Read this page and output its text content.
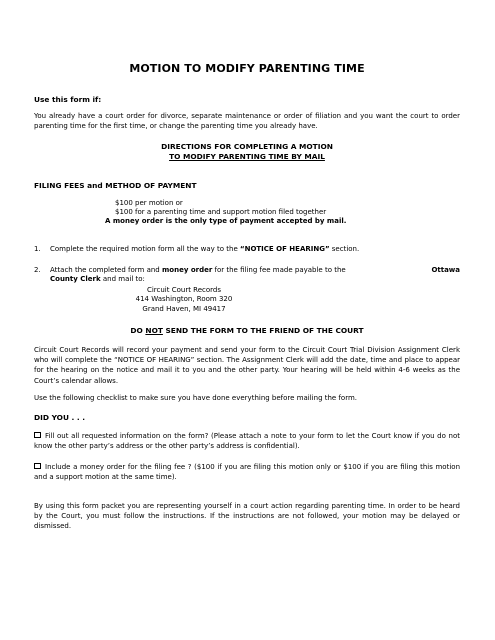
MOTION TO MODIFY PARENTING TIME
Use this form if:
You already have a court order for divorce, separate maintenance or order of filiation and you want the court to order parenting time for the first time, or change the parenting time you already have.
DIRECTIONS FOR COMPLETING A MOTION
TO MODIFY PARENTING TIME BY MAIL
FILING FEES and METHOD OF PAYMENT
$100 per motion or
$100 for a parenting time and support motion filed together
A money order is the only type of payment accepted by mail.
1.	Complete the required motion form all the way to the “NOTICE OF HEARING” section.
2.	Attach the completed form and money order for the filing fee made payable to the	Ottawa
County Clerk and mail to:
Circuit Court Records
414 Washington, Room 320
Grand Haven, MI 49417
DO NOT SEND THE FORM TO THE FRIEND OF THE COURT
Circuit Court Records will record your payment and send your form to the Circuit Court Trial Division Assignment Clerk who will complete the “NOTICE OF HEARING” section. The Assignment Clerk will add the date, time and place to appear for the hearing on the notice and mail it to you and the other party. Your hearing will be held within 4-6 weeks as the Court’s calendar allows.
Use the following checklist to make sure you have done everything before mailing the form.
DID YOU . . .
Fill out all requested information on the form? (Please attach a note to your form to let the Court know if you do not know the other party’s address or the other party’s address is confidential).
Include a money order for the filing fee ? ($100 if you are filing this motion only or $100 if you are filing this motion and a support motion at the same time).
By using this form packet you are representing yourself in a court action regarding parenting time. In order to be heard by the Court, you must follow the instructions. If the instructions are not followed, your motion may be delayed or dismissed.
